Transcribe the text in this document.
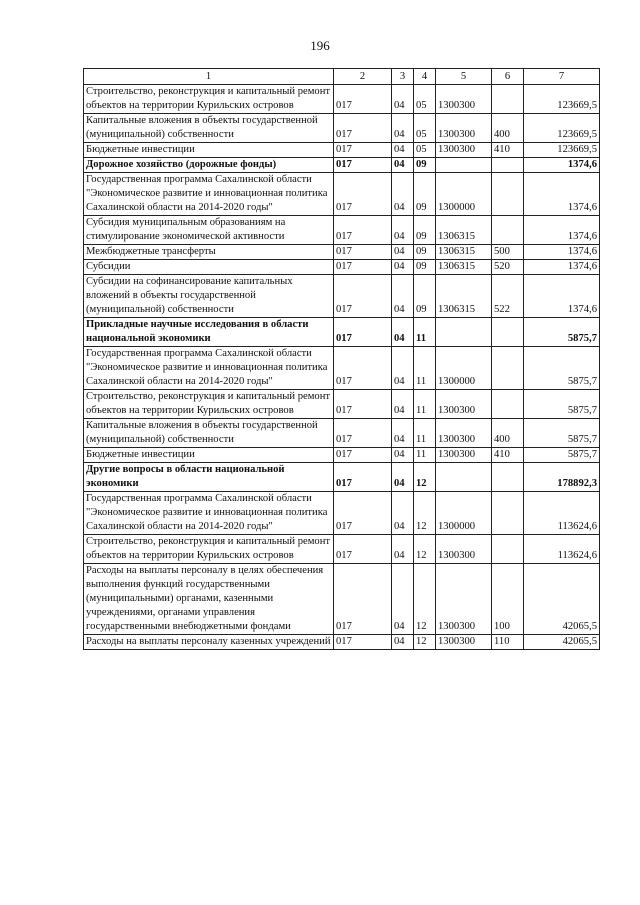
196
1	2	3	4	5	6	7
Строительство, реконструкция и капитальный ремонт объектов на территории Курильских островов	017	04	05	1300300		123669,5
Капитальные вложения в объекты государственной (муниципальной) собственности	017	04	05	1300300	400	123669,5
Бюджетные инвестиции	017	04	05	1300300	410	123669,5
Дорожное хозяйство (дорожные фонды)	017	04	09			1374,6
Государственная программа Сахалинской области "Экономическое развитие и инновационная политика Сахалинской области на 2014-2020 годы"	017	04	09	1300000		1374,6
Субсидия муниципальным образованиям на стимулирование экономической активности	017	04	09	1306315		1374,6
Межбюджетные трансферты	017	04	09	1306315	500	1374,6
Субсидии	017	04	09	1306315	520	1374,6
Субсидии на софинансирование капитальных вложений в объекты государственной (муниципальной) собственности	017	04	09	1306315	522	1374,6
Прикладные научные исследования в области национальной экономики	017	04	11			5875,7
Государственная программа Сахалинской области "Экономическое развитие и инновационная политика Сахалинской области на 2014-2020 годы"	017	04	11	1300000		5875,7
Строительство, реконструкция и капитальный ремонт объектов на территории Курильских островов	017	04	11	1300300		5875,7
Капитальные вложения в объекты государственной (муниципальной) собственности	017	04	11	1300300	400	5875,7
Бюджетные инвестиции	017	04	11	1300300	410	5875,7
Другие вопросы в области национальной экономики	017	04	12			178892,3
Государственная программа Сахалинской области "Экономическое развитие и инновационная политика Сахалинской области на 2014-2020 годы"	017	04	12	1300000		113624,6
Строительство, реконструкция и капитальный ремонт объектов на территории Курильских островов	017	04	12	1300300		113624,6
Расходы на выплаты персоналу в целях обеспечения выполнения функций государственными (муниципальными) органами, казенными учреждениями, органами управления государственными внебюджетными фондами	017	04	12	1300300	100	42065,5
Расходы на выплаты персоналу казенных учреждений	017	04	12	1300300	110	42065,5
